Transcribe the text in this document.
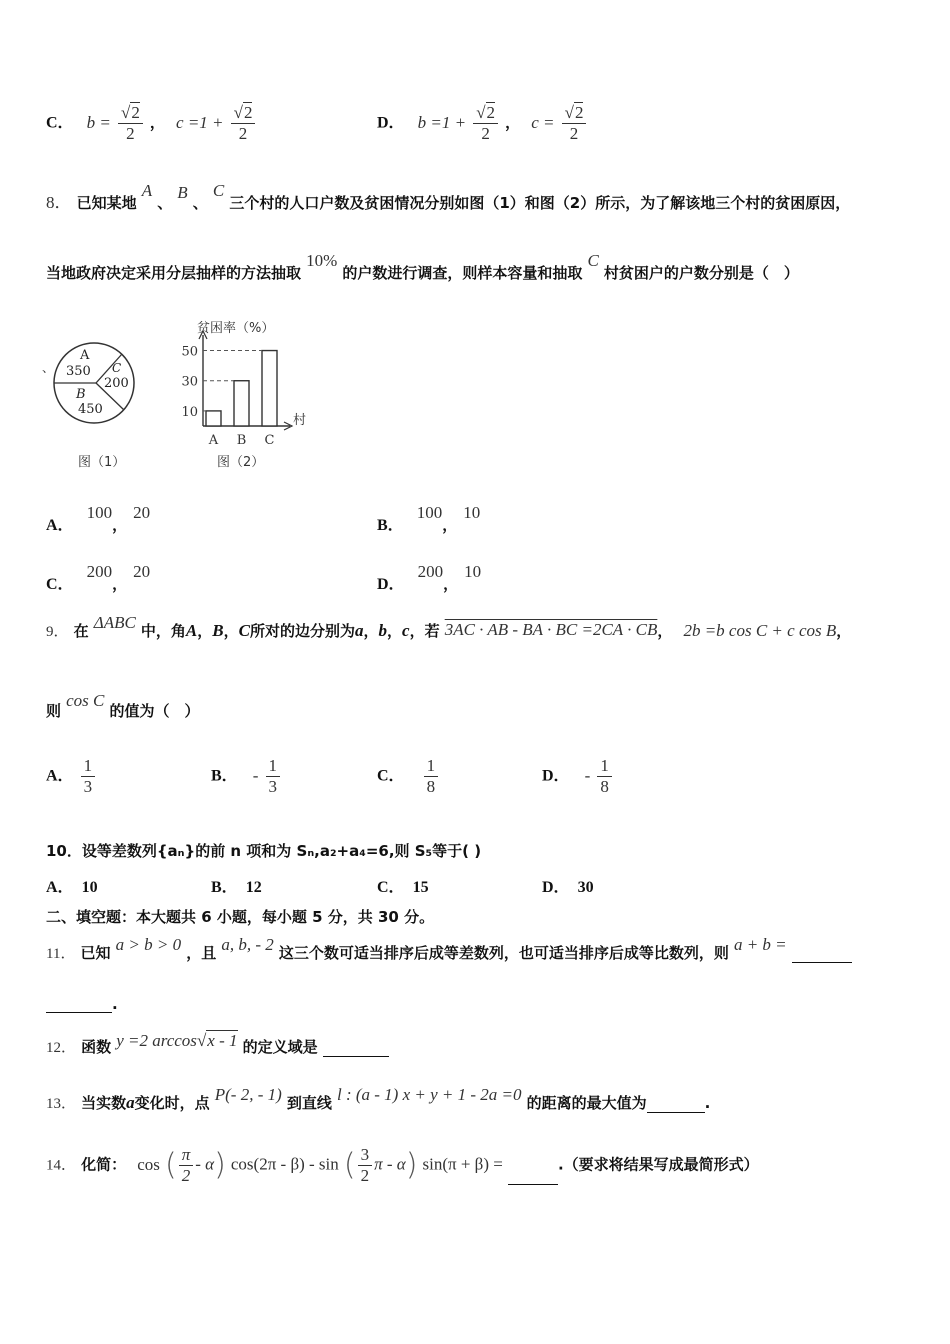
C． $b = \frac{√2}{2}$ ， $c =1 + \frac{√2}{2}$	D． $b =1 + \frac{√2}{2}$ ， $c = \frac{√2}{2}$
8． 已知某地 A 、 B 、 C 三个村的人口户数及贫困情况分别如图（1）和图（2）所示，为了解该地三个村的贫困原因，
当地政府决定采用分层抽样的方法抽取 10% 的户数进行调查，则样本容量和抽取 C 村贫困户的户数分别是（　）
、
A
350
B
450
C
200
图（1）
贫困率（%）
村
A B C
10
30
50
图（2）
A． 100，20
B． 100，10
C． 200，20
D． 200，10
9． 在 ΔABC 中，角A，B，C所对的边分别为a，b，c，若 3AC · AB - BA · BC =2CA · CB， 2b =b cos C + c cos B，
则 cos C 的值为（　）
A． $\frac{1}{3}$	B． - $\frac{1}{3}$	C． $\frac{1}{8}$	D． - $\frac{1}{8}$
10．设等差数列{aₙ}的前 n 项和为 Sₙ,a₂+a₄=6,则 S₅等于( )
A． 10	B． 12	C． 15	D． 30
二、填空题：本大题共 6 小题，每小题 5 分，共 30 分。
11． 已知 a > b > 0 ，且 a, b, - 2 这三个数可适当排序后成等差数列，也可适当排序后成等比数列，则 a + b =
.
12． 函数 y =2 arccos√x - 1 的定义域是
13． 当实数a变化时，点 P(- 2, - 1) 到直线 l : (a - 1) x + y + 1 - 2a =0 的距离的最大值为	.
14． 化简： cos ( $\frac{\pi}{2} - \alpha$) cos(2π - β) - sin ( $\frac{3}{2}$ π - α) sin(π + β) =	.（要求将结果写成最简形式）
